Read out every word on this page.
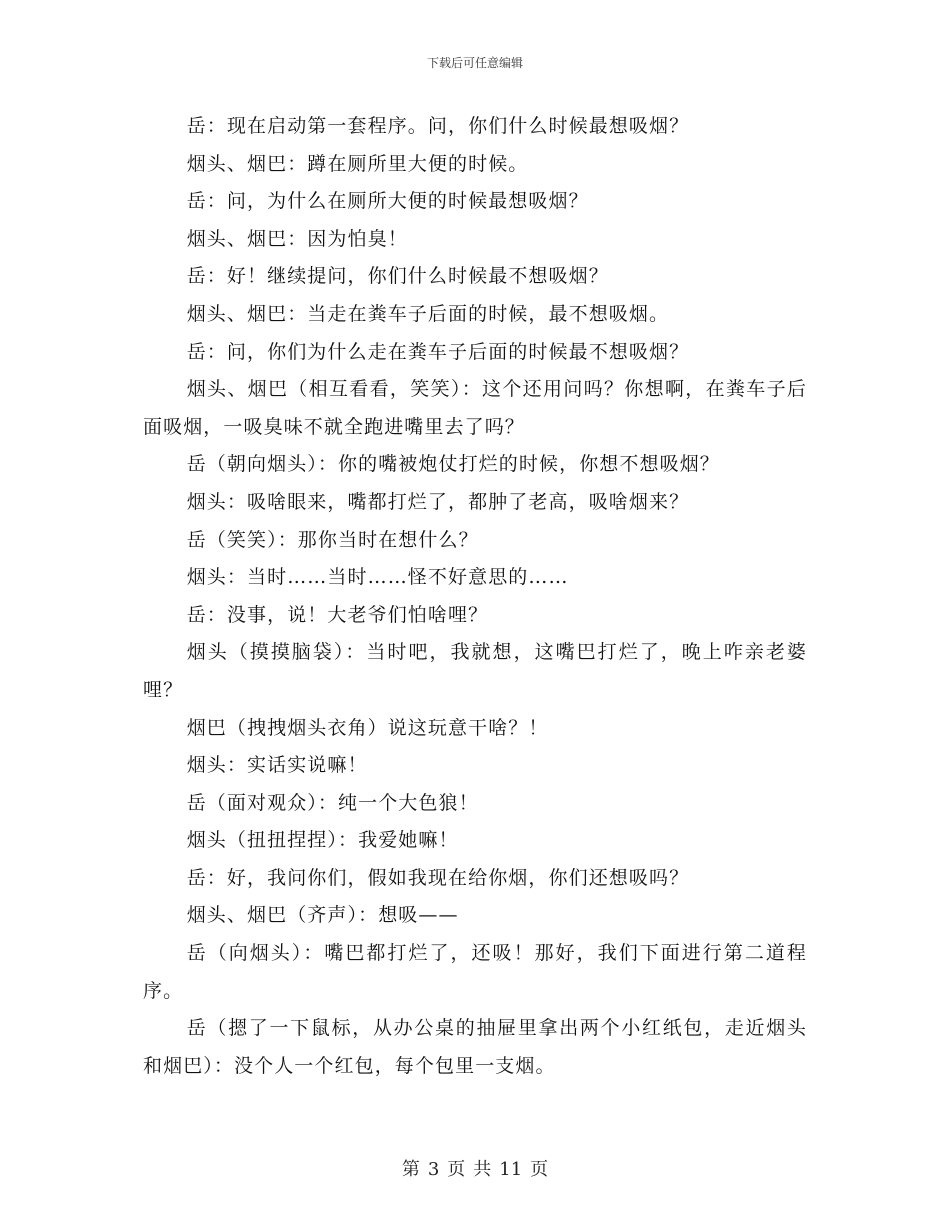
下载后可任意编辑

岳：现在启动第一套程序。问，你们什么时候最想吸烟？

烟头、烟巴：蹲在厕所里大便的时候。

岳：问，为什么在厕所大便的时候最想吸烟？

烟头、烟巴：因为怕臭！

岳：好！继续提问，你们什么时候最不想吸烟？

烟头、烟巴：当走在粪车子后面的时候，最不想吸烟。

岳：问，你们为什么走在粪车子后面的时候最不想吸烟？

烟头、烟巴（相互看看，笑笑）：这个还用问吗？你想啊，在粪车子后面吸烟，一吸臭味不就全跑进嘴里去了吗？

岳（朝向烟头）：你的嘴被炮仗打烂的时候，你想不想吸烟？

烟头：吸啥眼来，嘴都打烂了，都肿了老高，吸啥烟来？

岳（笑笑）：那你当时在想什么？

烟头：当时……当时……怪不好意思的……

岳：没事，说！大老爷们怕啥哩？

烟头（摸摸脑袋）：当时吧，我就想，这嘴巴打烂了，晚上咋亲老婆哩？

烟巴（拽拽烟头衣角）说这玩意干啥？！

烟头：实话实说嘛！

岳（面对观众）：纯一个大色狼！

烟头（扭扭捏捏）：我爱她嘛！

岳：好，我问你们，假如我现在给你烟，你们还想吸吗？

烟头、烟巴（齐声）：想吸——

岳（向烟头）：嘴巴都打烂了，还吸！那好，我们下面进行第二道程序。

岳（摁了一下鼠标，从办公桌的抽屉里拿出两个小红纸包，走近烟头和烟巴）：没个人一个红包，每个包里一支烟。

第 3 页 共 11 页
